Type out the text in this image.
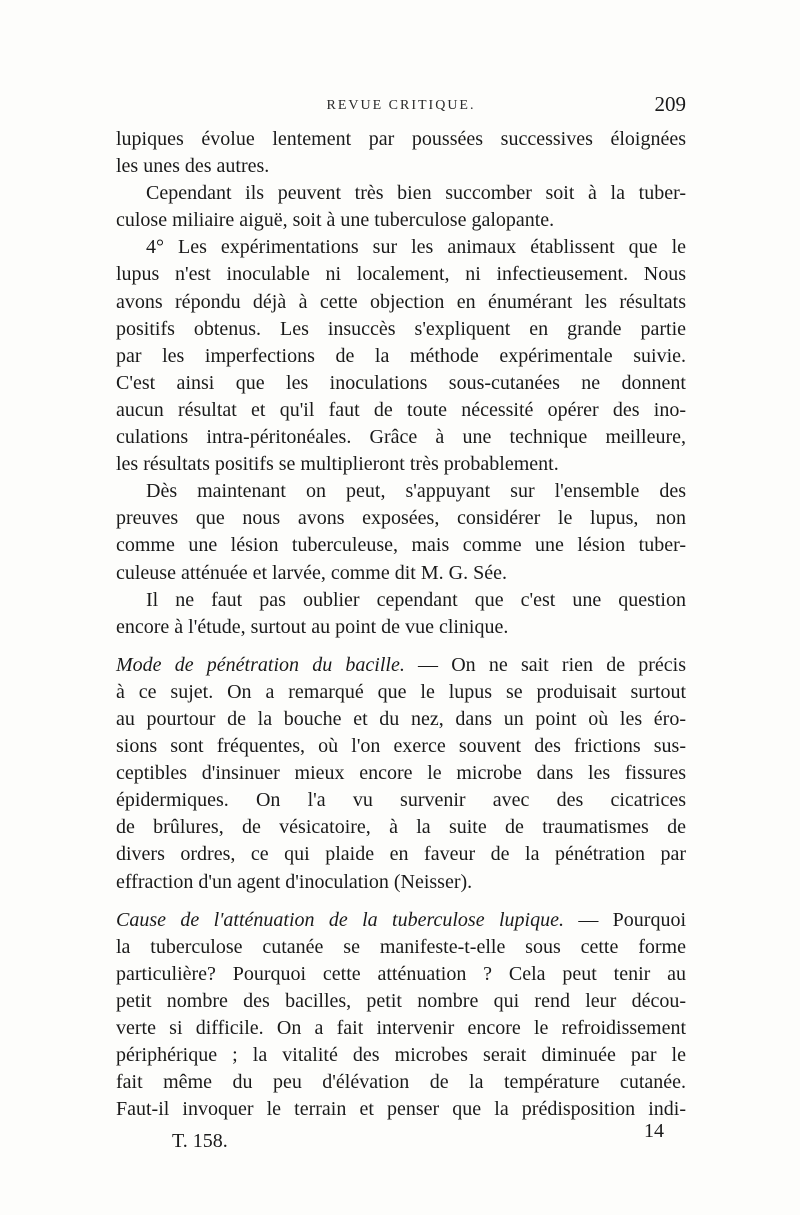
REVUE CRITIQUE.	209
lupiques évolue lentement par poussées successives éloignées
les unes des autres.
Cependant ils peuvent très bien succomber soit à la tuber-
culose miliaire aiguë, soit à une tuberculose galopante.
4° Les expérimentations sur les animaux établissent que le
lupus n'est inoculable ni localement, ni infectieusement. Nous
avons répondu déjà à cette objection en énumérant les résultats
positifs obtenus. Les insuccès s'expliquent en grande partie
par les imperfections de la méthode expérimentale suivie.
C'est ainsi que les inoculations sous-cutanées ne donnent
aucun résultat et qu'il faut de toute nécessité opérer des ino-
culations intra-péritonéales. Grâce à une technique meilleure,
les résultats positifs se multiplieront très probablement.
Dès maintenant on peut, s'appuyant sur l'ensemble des
preuves que nous avons exposées, considérer le lupus, non
comme une lésion tuberculeuse, mais comme une lésion tuber-
culeuse atténuée et larvée, comme dit M. G. Sée.
Il ne faut pas oublier cependant que c'est une question
encore à l'étude, surtout au point de vue clinique.
Mode de pénétration du bacille. — On ne sait rien de précis
à ce sujet. On a remarqué que le lupus se produisait surtout
au pourtour de la bouche et du nez, dans un point où les éro-
sions sont fréquentes, où l'on exerce souvent des frictions sus-
ceptibles d'insinuer mieux encore le microbe dans les fissures
épidermiques. On l'a vu survenir avec des cicatrices
de brûlures, de vésicatoire, à la suite de traumatismes de
divers ordres, ce qui plaide en faveur de la pénétration par
effraction d'un agent d'inoculation (Neisser).
Cause de l'atténuation de la tuberculose lupique. — Pourquoi
la tuberculose cutanée se manifeste-t-elle sous cette forme
particulière? Pourquoi cette atténuation ? Cela peut tenir au
petit nombre des bacilles, petit nombre qui rend leur décou-
verte si difficile. On a fait intervenir encore le refroidissement
périphérique ; la vitalité des microbes serait diminuée par le
fait même du peu d'élévation de la température cutanée.
Faut-il invoquer le terrain et penser que la prédisposition indi-
T. 158.	14
